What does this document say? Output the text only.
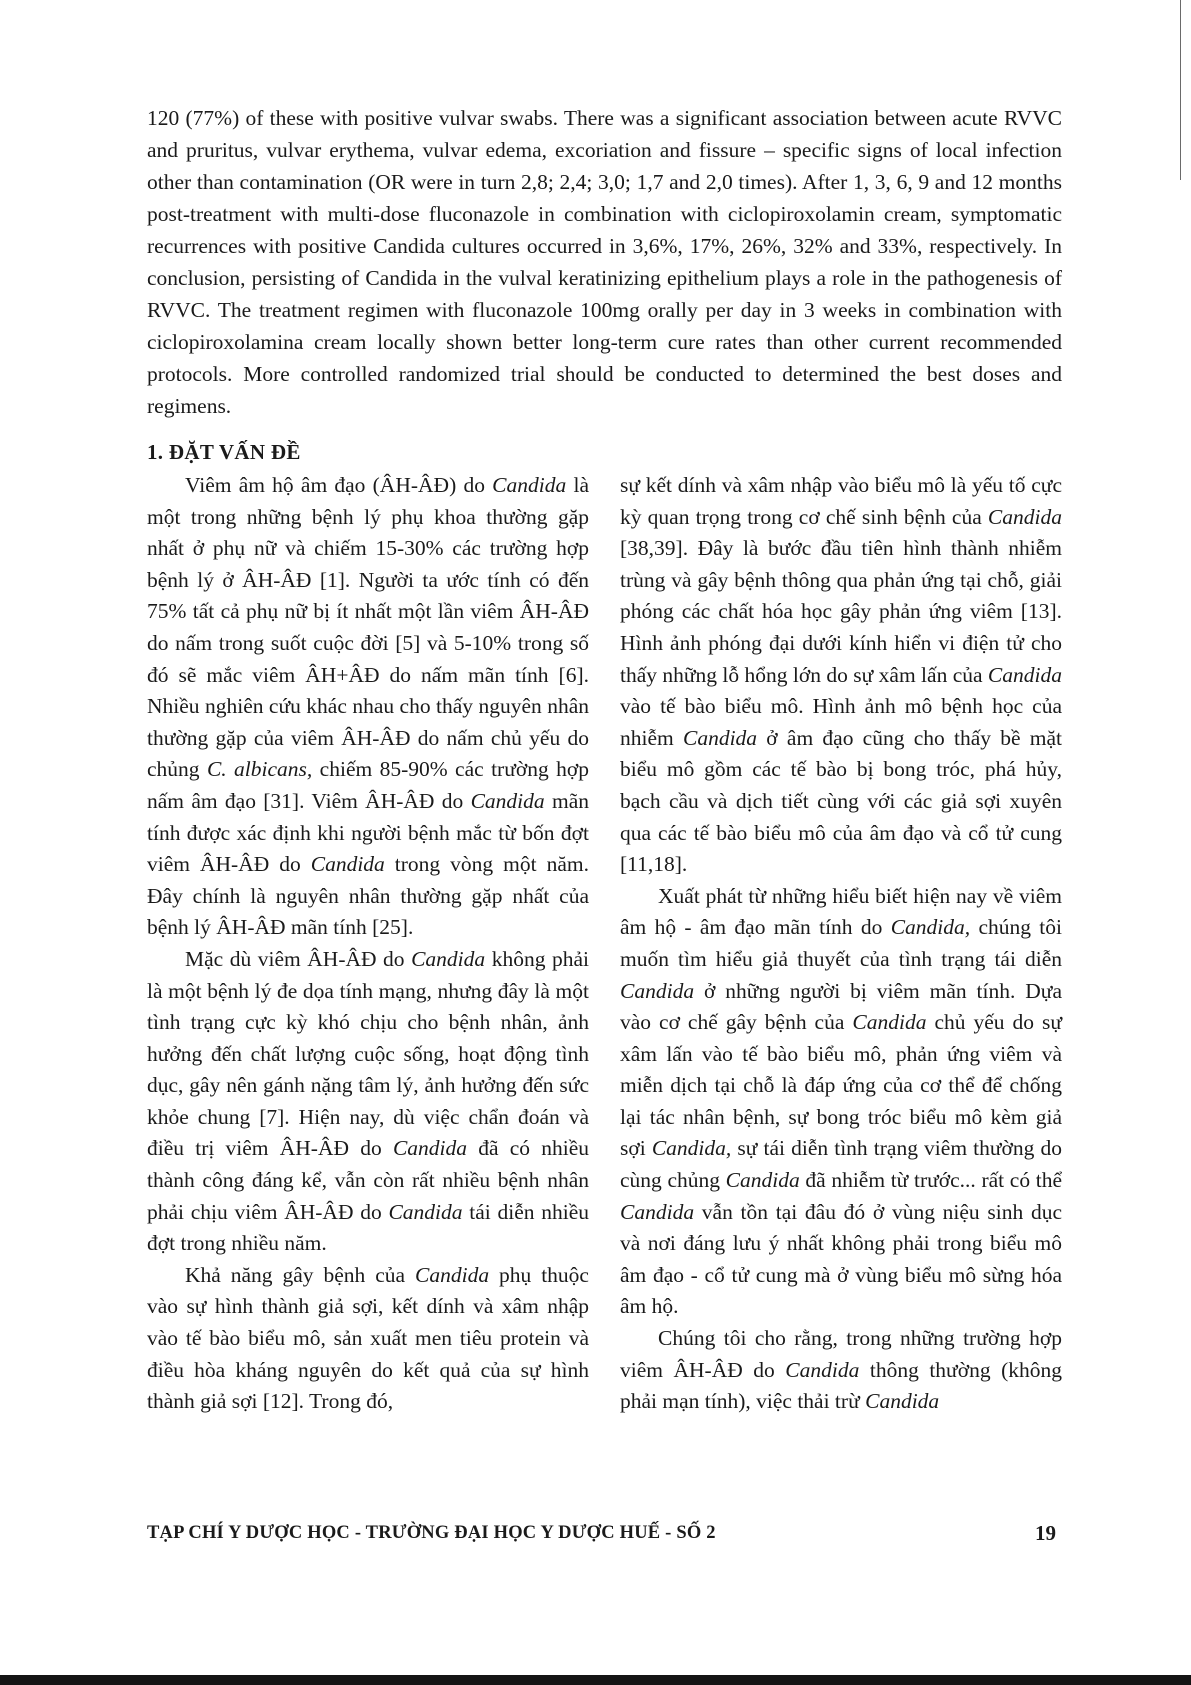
120 (77%) of these with positive vulvar swabs. There was a significant association between acute RVVC and pruritus, vulvar erythema, vulvar edema, excoriation and fissure – specific signs of local infection other than contamination (OR were in turn 2,8; 2,4; 3,0; 1,7 and 2,0 times). After 1, 3, 6, 9 and 12 months post-treatment with multi-dose fluconazole in combination with ciclopiroxolamin cream, symptomatic recurrences with positive Candida cultures occurred in 3,6%, 17%, 26%, 32% and 33%, respectively. In conclusion, persisting of Candida in the vulval keratinizing epithelium plays a role in the pathogenesis of RVVC. The treatment regimen with fluconazole 100mg orally per day in 3 weeks in combination with ciclopiroxolamina cream locally shown better long-term cure rates than other current recommended protocols. More controlled randomized trial should be conducted to determined the best doses and regimens.

1. ĐẶT VẤN ĐỀ

Viêm âm hộ âm đạo (ÂH-ÂĐ) do Candida là một trong những bệnh lý phụ khoa thường gặp nhất ở phụ nữ và chiếm 15-30% các trường hợp bệnh lý ở ÂH-ÂĐ [1]. Người ta ước tính có đến 75% tất cả phụ nữ bị ít nhất một lần viêm ÂH-ÂĐ do nấm trong suốt cuộc đời [5] và 5-10% trong số đó sẽ mắc viêm ÂH+ÂĐ do nấm mãn tính [6]. Nhiều nghiên cứu khác nhau cho thấy nguyên nhân thường gặp của viêm ÂH-ÂĐ do nấm chủ yếu do chủng C. albicans, chiếm 85-90% các trường hợp nấm âm đạo [31]. Viêm ÂH-ÂĐ do Candida mãn tính được xác định khi người bệnh mắc từ bốn đợt viêm ÂH-ÂĐ do Candida trong vòng một năm. Đây chính là nguyên nhân thường gặp nhất của bệnh lý ÂH-ÂĐ mãn tính [25].

Mặc dù viêm ÂH-ÂĐ do Candida không phải là một bệnh lý đe dọa tính mạng, nhưng đây là một tình trạng cực kỳ khó chịu cho bệnh nhân, ảnh hưởng đến chất lượng cuộc sống, hoạt động tình dục, gây nên gánh nặng tâm lý, ảnh hưởng đến sức khỏe chung [7]. Hiện nay, dù việc chẩn đoán và điều trị viêm ÂH-ÂĐ do Candida đã có nhiều thành công đáng kể, vẫn còn rất nhiều bệnh nhân phải chịu viêm ÂH-ÂĐ do Candida tái diễn nhiều đợt trong nhiều năm.

Khả năng gây bệnh của Candida phụ thuộc vào sự hình thành giả sợi, kết dính và xâm nhập vào tế bào biểu mô, sản xuất men tiêu protein và điều hòa kháng nguyên do kết quả của sự hình thành giả sợi [12]. Trong đó,

sự kết dính và xâm nhập vào biểu mô là yếu tố cực kỳ quan trọng trong cơ chế sinh bệnh của Candida [38,39]. Đây là bước đầu tiên hình thành nhiễm trùng và gây bệnh thông qua phản ứng tại chỗ, giải phóng các chất hóa học gây phản ứng viêm [13]. Hình ảnh phóng đại dưới kính hiển vi điện tử cho thấy những lỗ hổng lớn do sự xâm lấn của Candida vào tế bào biểu mô. Hình ảnh mô bệnh học của nhiễm Candida ở âm đạo cũng cho thấy bề mặt biểu mô gồm các tế bào bị bong tróc, phá hủy, bạch cầu và dịch tiết cùng với các giả sợi xuyên qua các tế bào biểu mô của âm đạo và cổ tử cung [11,18].

Xuất phát từ những hiểu biết hiện nay về viêm âm hộ - âm đạo mãn tính do Candida, chúng tôi muốn tìm hiểu giả thuyết của tình trạng tái diễn Candida ở những người bị viêm mãn tính. Dựa vào cơ chế gây bệnh của Candida chủ yếu do sự xâm lấn vào tế bào biểu mô, phản ứng viêm và miễn dịch tại chỗ là đáp ứng của cơ thể để chống lại tác nhân bệnh, sự bong tróc biểu mô kèm giả sợi Candida, sự tái diễn tình trạng viêm thường do cùng chủng Candida đã nhiễm từ trước... rất có thể Candida vẫn tồn tại đâu đó ở vùng niệu sinh dục và nơi đáng lưu ý nhất không phải trong biểu mô âm đạo - cổ tử cung mà ở vùng biểu mô sừng hóa âm hộ.

Chúng tôi cho rằng, trong những trường hợp viêm ÂH-ÂĐ do Candida thông thường (không phải mạn tính), việc thải trừ Candida

TẠP CHÍ Y DƯỢC HỌC - TRƯỜNG ĐẠI HỌC Y DƯỢC HUẾ - SỐ 2	19
